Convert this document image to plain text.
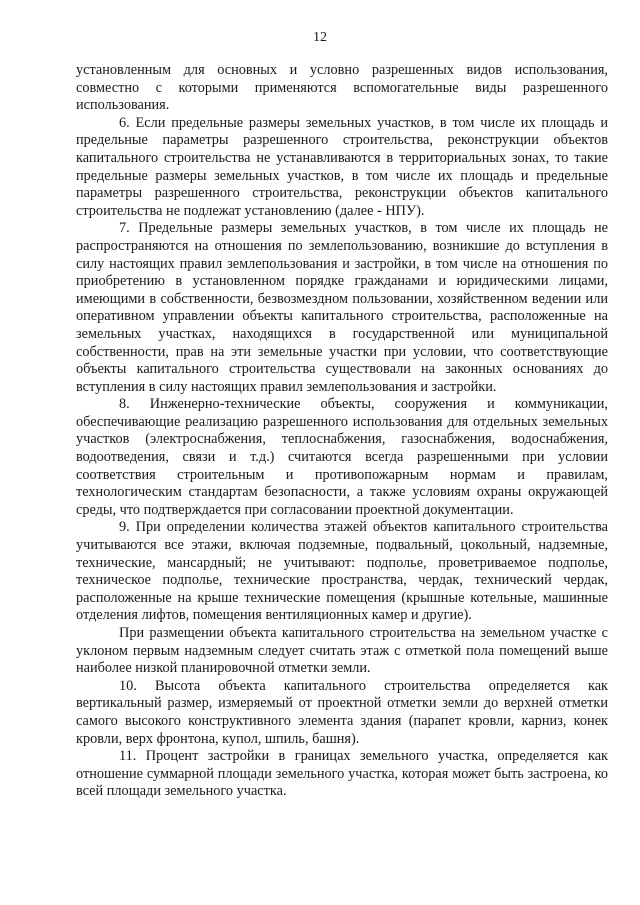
12

установленным для основных и условно разрешенных видов использования, совместно с которыми применяются вспомогательные виды разрешенного использования.

6. Если предельные размеры земельных участков, в том числе их площадь и предельные параметры разрешенного строительства, реконструкции объектов капитального строительства не устанавливаются в территориальных зонах, то такие предельные размеры земельных участков, в том числе их площадь и предельные параметры разрешенного строительства, реконструкции объектов капитального строительства не подлежат установлению (далее - НПУ).

7. Предельные размеры земельных участков, в том числе их площадь не распространяются на отношения по землепользованию, возникшие до вступления в силу настоящих правил землепользования и застройки, в том числе на отношения по приобретению в установленном порядке гражданами и юридическими лицами, имеющими в собственности, безвозмездном пользовании, хозяйственном ведении или оперативном управлении объекты капитального строительства, расположенные на земельных участках, находящихся в государственной или муниципальной собственности, прав на эти земельные участки при условии, что соответствующие объекты капитального строительства существовали на законных основаниях до вступления в силу настоящих правил землепользования и застройки.

8. Инженерно-технические объекты, сооружения и коммуникации, обеспечивающие реализацию разрешенного использования для отдельных земельных участков (электроснабжения, теплоснабжения, газоснабжения, водоснабжения, водоотведения, связи и т.д.) считаются всегда разрешенными при условии соответствия строительным и противопожарным нормам и правилам, технологическим стандартам безопасности, а также условиям охраны окружающей среды, что подтверждается при согласовании проектной документации.

9. При определении количества этажей объектов капитального строительства учитываются все этажи, включая подземные, подвальный, цокольный, надземные, технические, мансардный; не учитывают: подполье, проветриваемое подполье, техническое подполье, технические пространства, чердак, технический чердак, расположенные на крыше технические помещения (крышные котельные, машинные отделения лифтов, помещения вентиляционных камер и другие).

При размещении объекта капитального строительства на земельном участке с уклоном первым надземным следует считать этаж с отметкой пола помещений выше наиболее низкой планировочной отметки земли.

10. Высота объекта капитального строительства определяется как вертикальный размер, измеряемый от проектной отметки земли до верхней отметки самого высокого конструктивного элемента здания (парапет кровли, карниз, конек кровли, верх фронтона, купол, шпиль, башня).

11. Процент застройки в границах земельного участка, определяется как отношение суммарной площади земельного участка, которая может быть застроена, ко всей площади земельного участка.
